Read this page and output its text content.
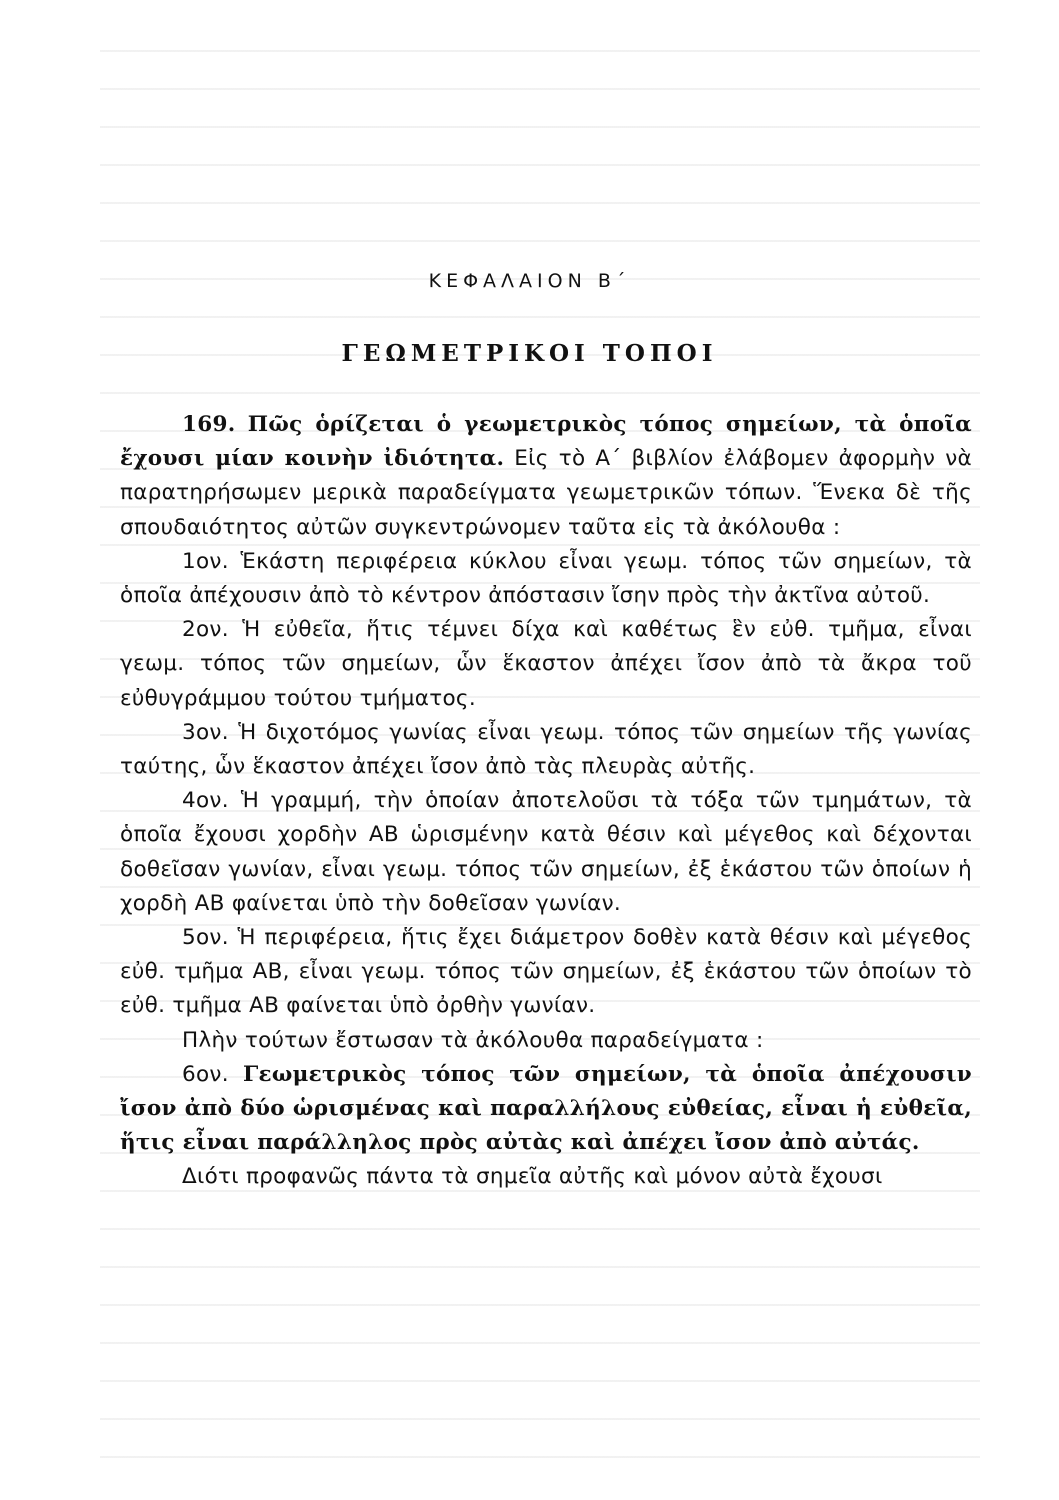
ΚΕΦΑΛΑΙΟΝ Β΄
ΓΕΩΜΕΤΡΙΚΟΙ ΤΟΠΟΙ

169. Πῶς ὁρίζεται ὁ γεωμετρικὸς τόπος σημείων, τὰ ὁποῖα ἔχουσι μίαν κοινὴν ἰδιότητα. Εἰς τὸ Α΄ βιβλίον ἐλάβομεν ἀφορμὴν νὰ παρατηρήσωμεν μερικὰ παραδείγματα γεωμετρικῶν τόπων. Ἕνεκα δὲ τῆς σπουδαιότητος αὐτῶν συγκεντρώνομεν ταῦτα εἰς τὰ ἀκόλουθα :

1ον. Ἑκάστη περιφέρεια κύκλου εἶναι γεωμ. τόπος τῶν σημείων, τὰ ὁποῖα ἀπέχουσιν ἀπὸ τὸ κέντρον ἀπόστασιν ἴσην πρὸς τὴν ἀκτῖνα αὐτοῦ.

2ον. Ἡ εὐθεῖα, ἥτις τέμνει δίχα καὶ καθέτως ἓν εὐθ. τμῆμα, εἶναι γεωμ. τόπος τῶν σημείων, ὧν ἕκαστον ἀπέχει ἴσον ἀπὸ τὰ ἄκρα τοῦ εὐθυγράμμου τούτου τμήματος.

3ον. Ἡ διχοτόμος γωνίας εἶναι γεωμ. τόπος τῶν σημείων τῆς γωνίας ταύτης, ὧν ἕκαστον ἀπέχει ἴσον ἀπὸ τὰς πλευρὰς αὐτῆς.

4ον. Ἡ γραμμή, τὴν ὁποίαν ἀποτελοῦσι τὰ τόξα τῶν τμημάτων, τὰ ὁποῖα ἔχουσι χορδὴν ΑΒ ὡρισμένην κατὰ θέσιν καὶ μέγεθος καὶ δέχονται δοθεῖσαν γωνίαν, εἶναι γεωμ. τόπος τῶν σημείων, ἐξ ἑκάστου τῶν ὁποίων ἡ χορδὴ ΑΒ φαίνεται ὑπὸ τὴν δοθεῖσαν γωνίαν.

5ον. Ἡ περιφέρεια, ἥτις ἔχει διάμετρον δοθὲν κατὰ θέσιν καὶ μέγεθος εὐθ. τμῆμα ΑΒ, εἶναι γεωμ. τόπος τῶν σημείων, ἐξ ἑκάστου τῶν ὁποίων τὸ εὐθ. τμῆμα ΑΒ φαίνεται ὑπὸ ὀρθὴν γωνίαν.

Πλὴν τούτων ἔστωσαν τὰ ἀκόλουθα παραδείγματα :

6ον. Γεωμετρικὸς τόπος τῶν σημείων, τὰ ὁποῖα ἀπέχουσιν ἴσον ἀπὸ δύο ὡρισμένας καὶ παραλλήλους εὐθείας, εἶναι ἡ εὐθεῖα, ἥτις εἶναι παράλληλος πρὸς αὐτὰς καὶ ἀπέχει ἴσον ἀπὸ αὐτάς.

Διότι προφανῶς πάντα τὰ σημεῖα αὐτῆς καὶ μόνον αὐτὰ ἔχουσι
